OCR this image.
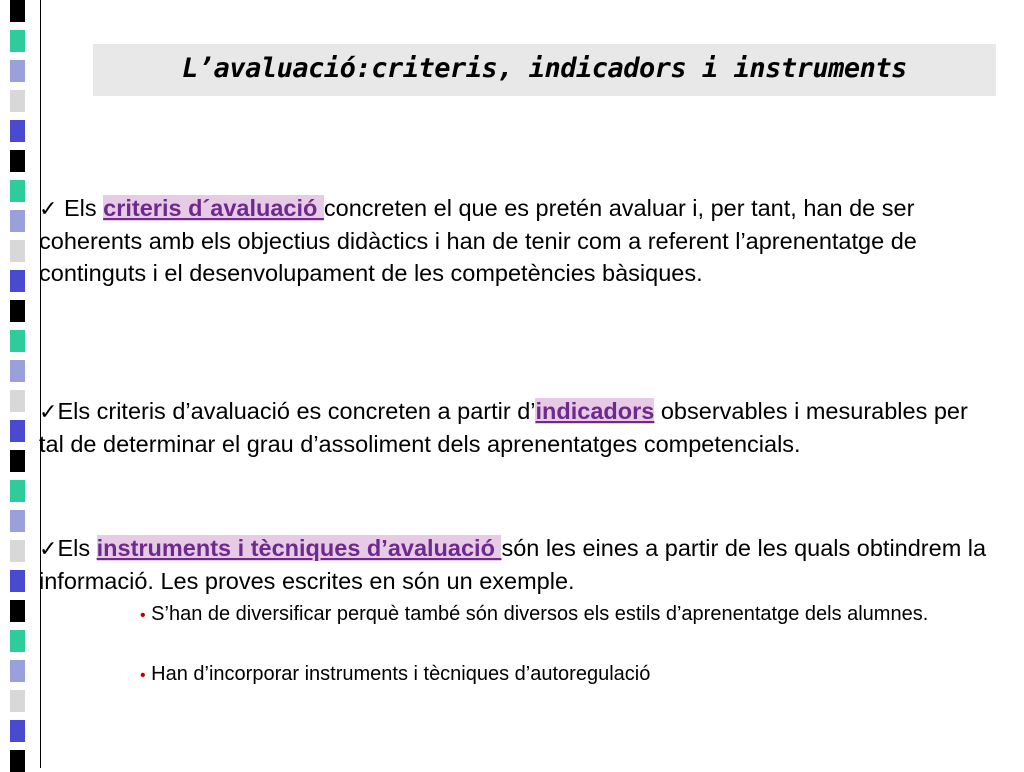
L’avaluació:criteris, indicadors i instruments

✓ Els criteris d´avaluació concreten el que es pretén avaluar i, per tant, han de ser coherents amb els objectius didàctics i han de tenir com a referent l’aprenentatge de continguts i el desenvolupament de les competències bàsiques.

✓Els criteris d’avaluació es concreten a partir d’indicadors observables i mesurables per tal de determinar el grau d’assoliment dels aprenentatges competencials.

✓Els instruments i tècniques d’avaluació són les eines a partir de les quals obtindrem la informació. Les proves escrites en són un exemple.

• S’han de diversificar perquè també són diversos els estils d’aprenentatge dels alumnes.

• Han d’incorporar instruments i tècniques d’autoregulació
